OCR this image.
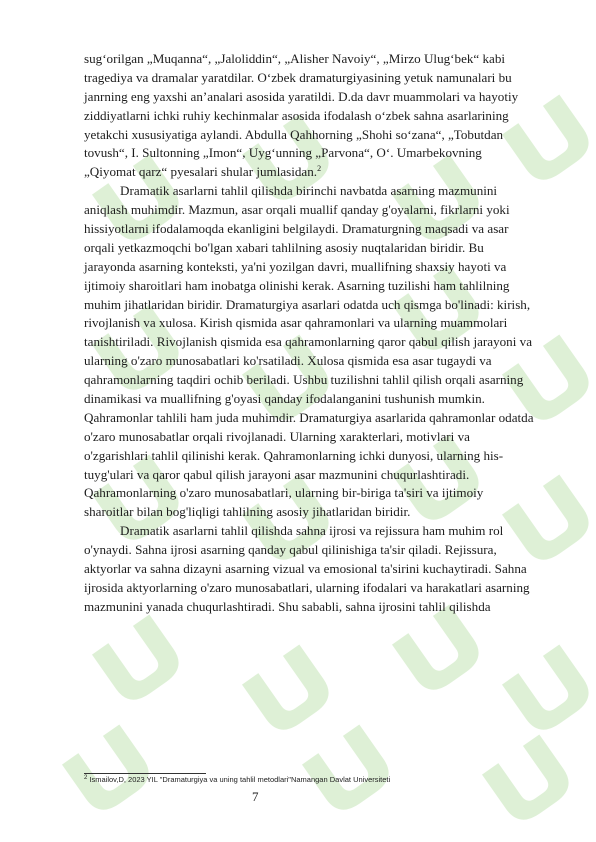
sug‘orilgan „Muqanna“, „Jaloliddin“, „Alisher Navoiy“, „Mirzo Ulug‘bek“ kabi
tragediya va dramalar yaratdilar. O‘zbek dramaturgiyasining yetuk namunalari bu
janrning eng yaxshi an’analari asosida yaratildi. D.da davr muammolari va hayotiy
ziddiyatlarni ichki ruhiy kechinmalar asosida ifodalash o‘zbek sahna asarlarining
yetakchi xususiyatiga aylandi. Abdulla Qahhorning „Shohi so‘zana“, „Tobutdan
tovush“, I. Sultonning „Imon“, Uyg‘unning „Parvona“, O‘. Umarbekovning
„Qiyomat qarz“ pyesalari shular jumlasidan.$^2$
Dramatik asarlarni tahlil qilishda birinchi navbatda asarning mazmunini
aniqlash muhimdir. Mazmun, asar orqali muallif qanday g'oyalarni, fikrlarni yoki
hissiyotlarni ifodalamoqda ekanligini belgilaydi. Dramaturgning maqsadi va asar
orqali yetkazmoqchi bo'lgan xabari tahlilning asosiy nuqtalaridan biridir. Bu
jarayonda asarning konteksti, ya'ni yozilgan davri, muallifning shaxsiy hayoti va
ijtimoiy sharoitlari ham inobatga olinishi kerak. Asarning tuzilishi ham tahlilning
muhim jihatlaridan biridir. Dramaturgiya asarlari odatda uch qismga bo'linadi: kirish,
rivojlanish va xulosa. Kirish qismida asar qahramonlari va ularning muammolari
tanishtiriladi. Rivojlanish qismida esa qahramonlarning qaror qabul qilish jarayoni va
ularning o'zaro munosabatlari ko'rsatiladi. Xulosa qismida esa asar tugaydi va
qahramonlarning taqdiri ochib beriladi. Ushbu tuzilishni tahlil qilish orqali asarning
dinamikasi va muallifning g'oyasi qanday ifodalanganini tushunish mumkin.
Qahramonlar tahlili ham juda muhimdir. Dramaturgiya asarlarida qahramonlar odatda
o'zaro munosabatlar orqali rivojlanadi. Ularning xarakterlari, motivlari va
o'zgarishlari tahlil qilinishi kerak. Qahramonlarning ichki dunyosi, ularning his-
tuyg'ulari va qaror qabul qilish jarayoni asar mazmunini chuqurlashtiradi.
Qahramonlarning o'zaro munosabatlari, ularning bir-biriga ta'siri va ijtimoiy
sharoitlar bilan bog'liqligi tahlilning asosiy jihatlaridan biridir.
Dramatik asarlarni tahlil qilishda sahna ijrosi va rejissura ham muhim rol
o'ynaydi. Sahna ijrosi asarning qanday qabul qilinishiga ta'sir qiladi. Rejissura,
aktyorlar va sahna dizayni asarning vizual va emosional ta'sirini kuchaytiradi. Sahna
ijrosida aktyorlarning o'zaro munosabatlari, ularning ifodalari va harakatlari asarning
mazmunini yanada chuqurlashtiradi. Shu sababli, sahna ijrosini tahlil qilishda
$^2$ Ismailov,D, 2023 YIL "Dramaturgiya va uning tahlil metodlari"Namangan Davlat Universiteti
7
